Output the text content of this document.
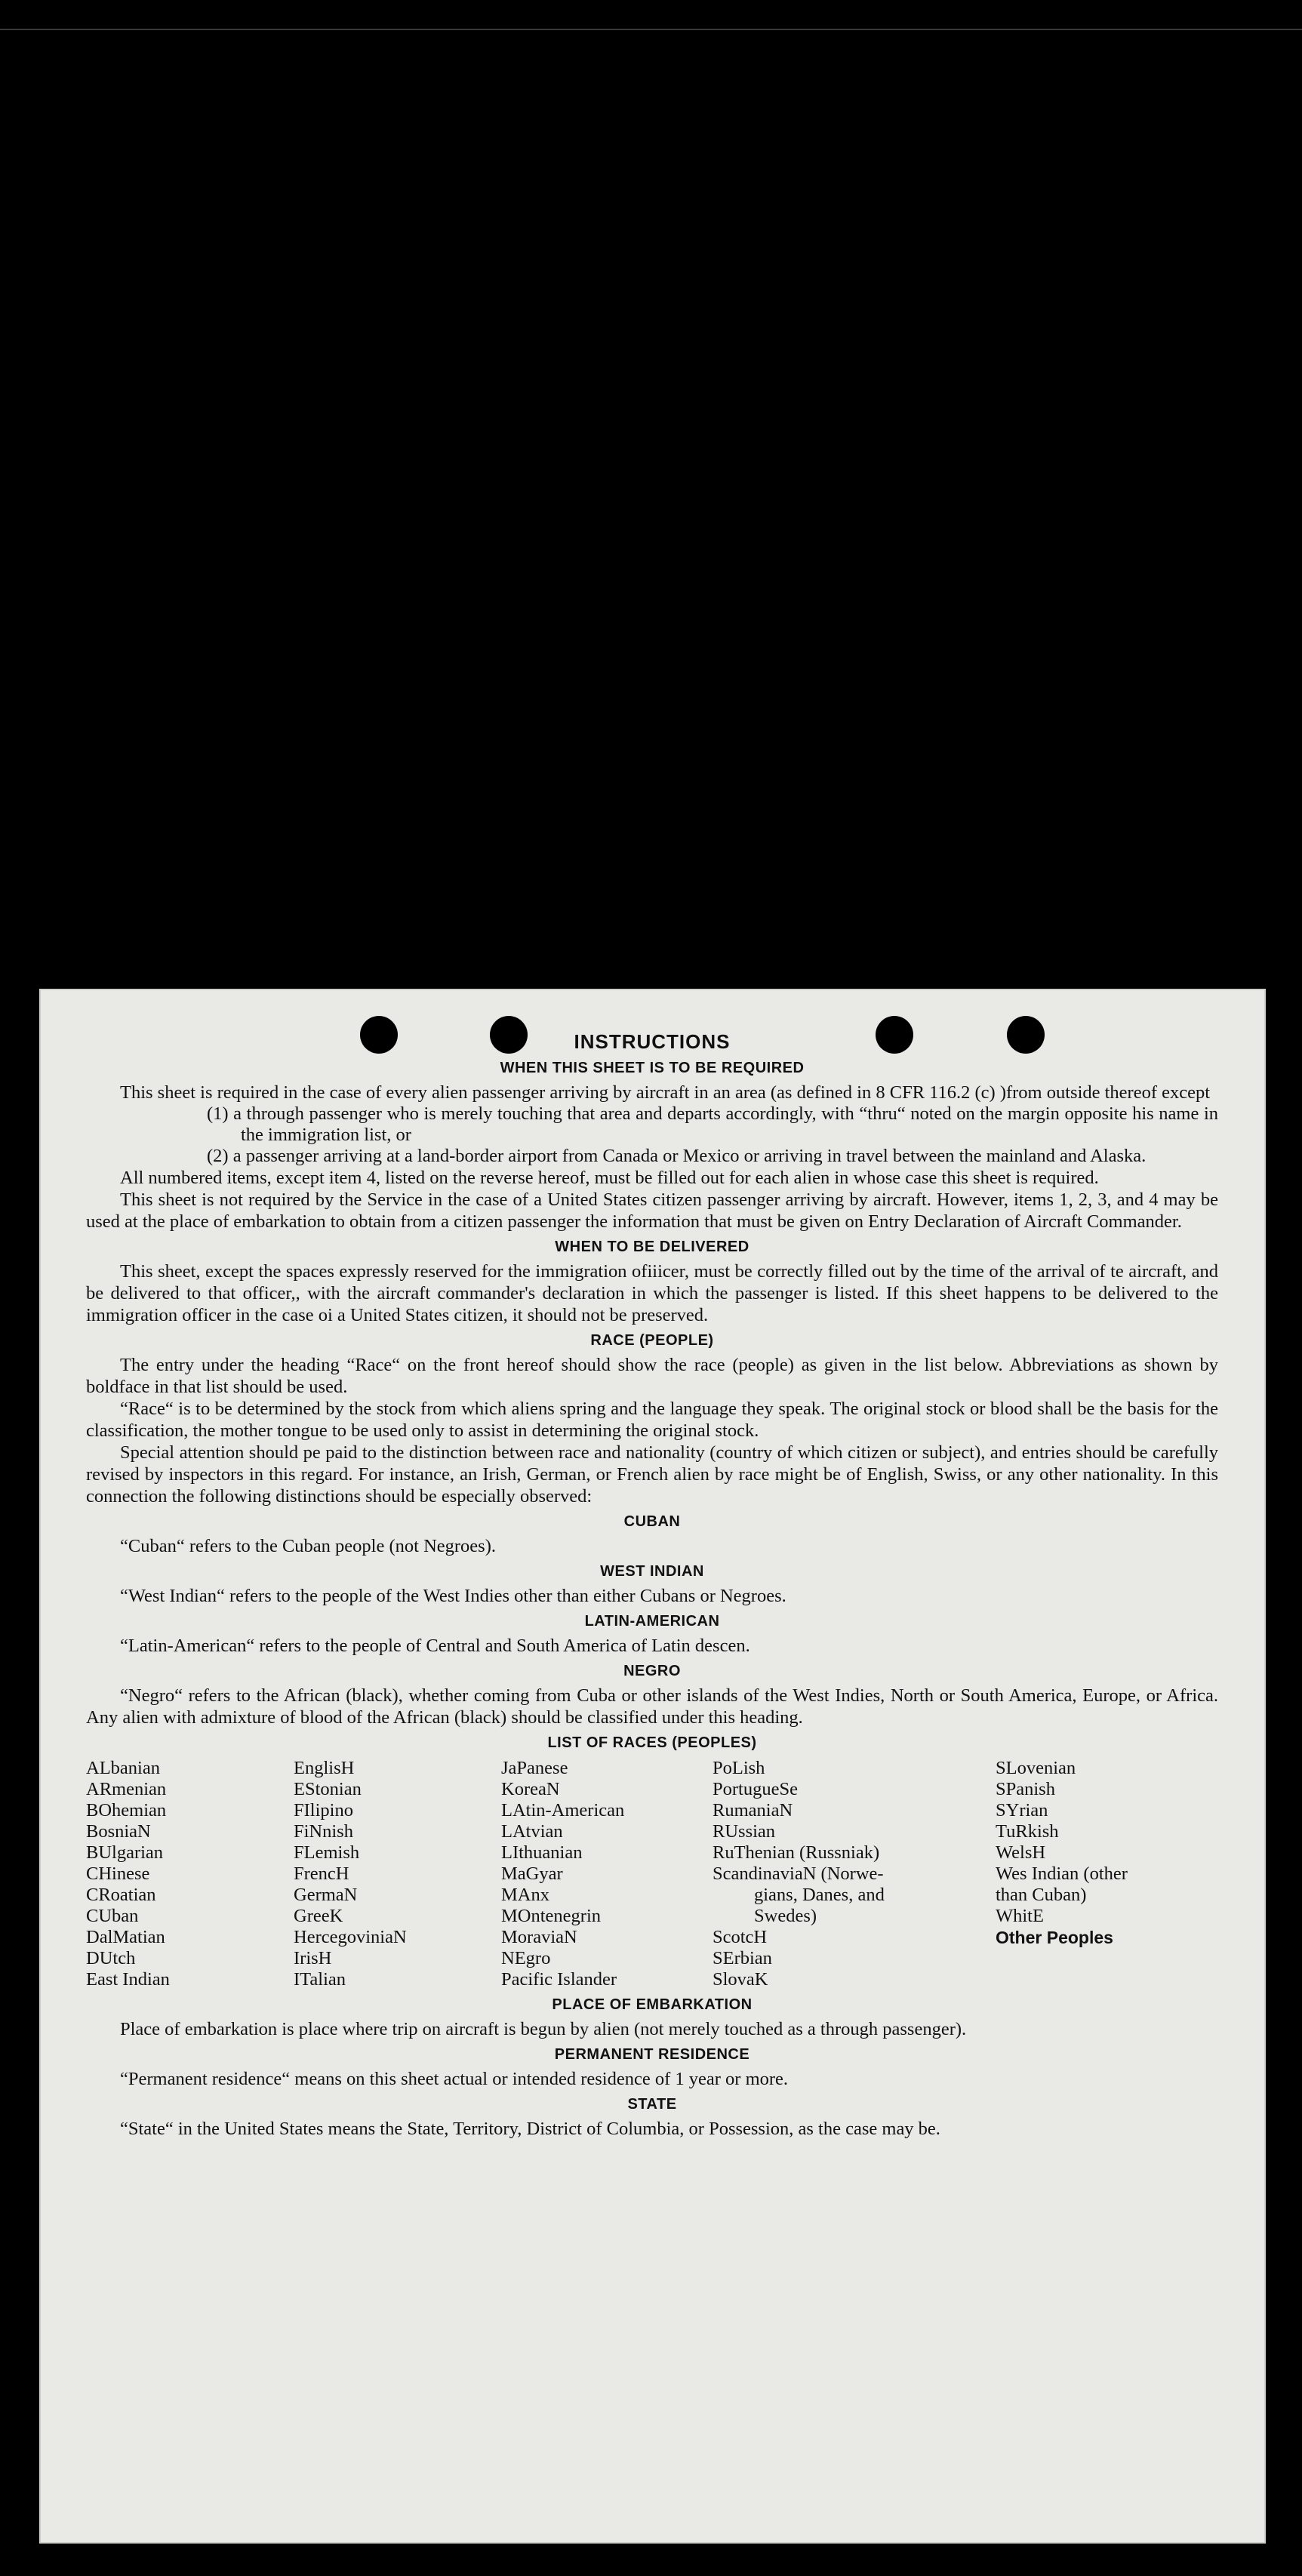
INSTRUCTIONS
WHEN THIS SHEET IS TO BE REQUIRED

This sheet is required in the case of every alien passenger arriving by aircraft in an area (as defined in 8 CFR 116.2 (c) )from outside thereof except

(1) a through passenger who is merely touching that area and departs accordingly, with “thru“ noted on the margin opposite his name in the immigration list, or

(2) a passenger arriving at a land-border airport from Canada or Mexico or arriving in travel between the mainland and Alaska.

All numbered items, except item 4, listed on the reverse hereof, must be filled out for each alien in whose case this sheet is required.

This sheet is not required by the Service in the case of a United States citizen passenger arriving by aircraft. However, items 1, 2, 3, and 4 may be used at the place of embarkation to obtain from a citizen passenger the information that must be given on Entry Declaration of Aircraft Commander.

WHEN TO BE DELIVERED

This sheet, except the spaces expressly reserved for the immigration ofiiicer, must be correctly filled out by the time of the arrival of te aircraft, and be delivered to that officer,, with the aircraft commander's declaration in which the passenger is listed. If this sheet happens to be delivered to the immigration officer in the case oi a United States citizen, it should not be preserved.

RACE (PEOPLE)

The entry under the heading “Race“ on the front hereof should show the race (people) as given in the list below. Abbreviations as shown by boldface in that list should be used.

“Race“ is to be determined by the stock from which aliens spring and the language they speak. The original stock or blood shall be the basis for the classification, the mother tongue to be used only to assist in determining the original stock.

Special attention should pe paid to the distinction between race and nationality (country of which citizen or subject), and entries should be carefully revised by inspectors in this regard. For instance, an Irish, German, or French alien by race might be of English, Swiss, or any other nationality. In this connection the following distinctions should be especially observed:

CUBAN

“Cuban“ refers to the Cuban people (not Negroes).

WEST INDIAN

“West Indian“ refers to the people of the West Indies other than either Cubans or Negroes.

LATIN-AMERICAN

“Latin-American“ refers to the people of Central and South America of Latin descen.

NEGRO

“Negro“ refers to the African (black), whether coming from Cuba or other islands of the West Indies, North or South America, Europe, or Africa. Any alien with admixture of blood of the African (black) should be classified under this heading.

LIST OF RACES (PEOPLES)
ALbanian
ARmenian
BOhemian
BosniaN
BUlgarian
CHinese
CRoatian
CUban
DalMatian
DUtch
East Indian
EnglisH
EStonian
FIlipino
FiNnish
FLemish
FrencH
GermaN
GreeK
HercegoviniaN
IrisH
ITalian
JaPanese
KoreaN
LAtin-American
LAtvian
LIthuanian
MaGyar
MAnx
MOntenegrin
MoraviaN
NEgro
Pacific Islander
PoLish
PortugueSe
RumaniaN
RUssian
RuThenian (Russniak)
ScandinaviaN (Norwe-
gians, Danes, and
Swedes)
ScotcH
SErbian
SlovaK
SLovenian
SPanish
SYrian
TuRkish
WelsH
Wes Indian (other
than Cuban)
WhitE
Other Peoples
PLACE OF EMBARKATION

Place of embarkation is place where trip on aircraft is begun by alien (not merely touched as a through passenger).

PERMANENT RESIDENCE

“Permanent residence“ means on this sheet actual or intended residence of 1 year or more.

STATE

“State“ in the United States means the State, Territory, District of Columbia, or Possession, as the case may be.
